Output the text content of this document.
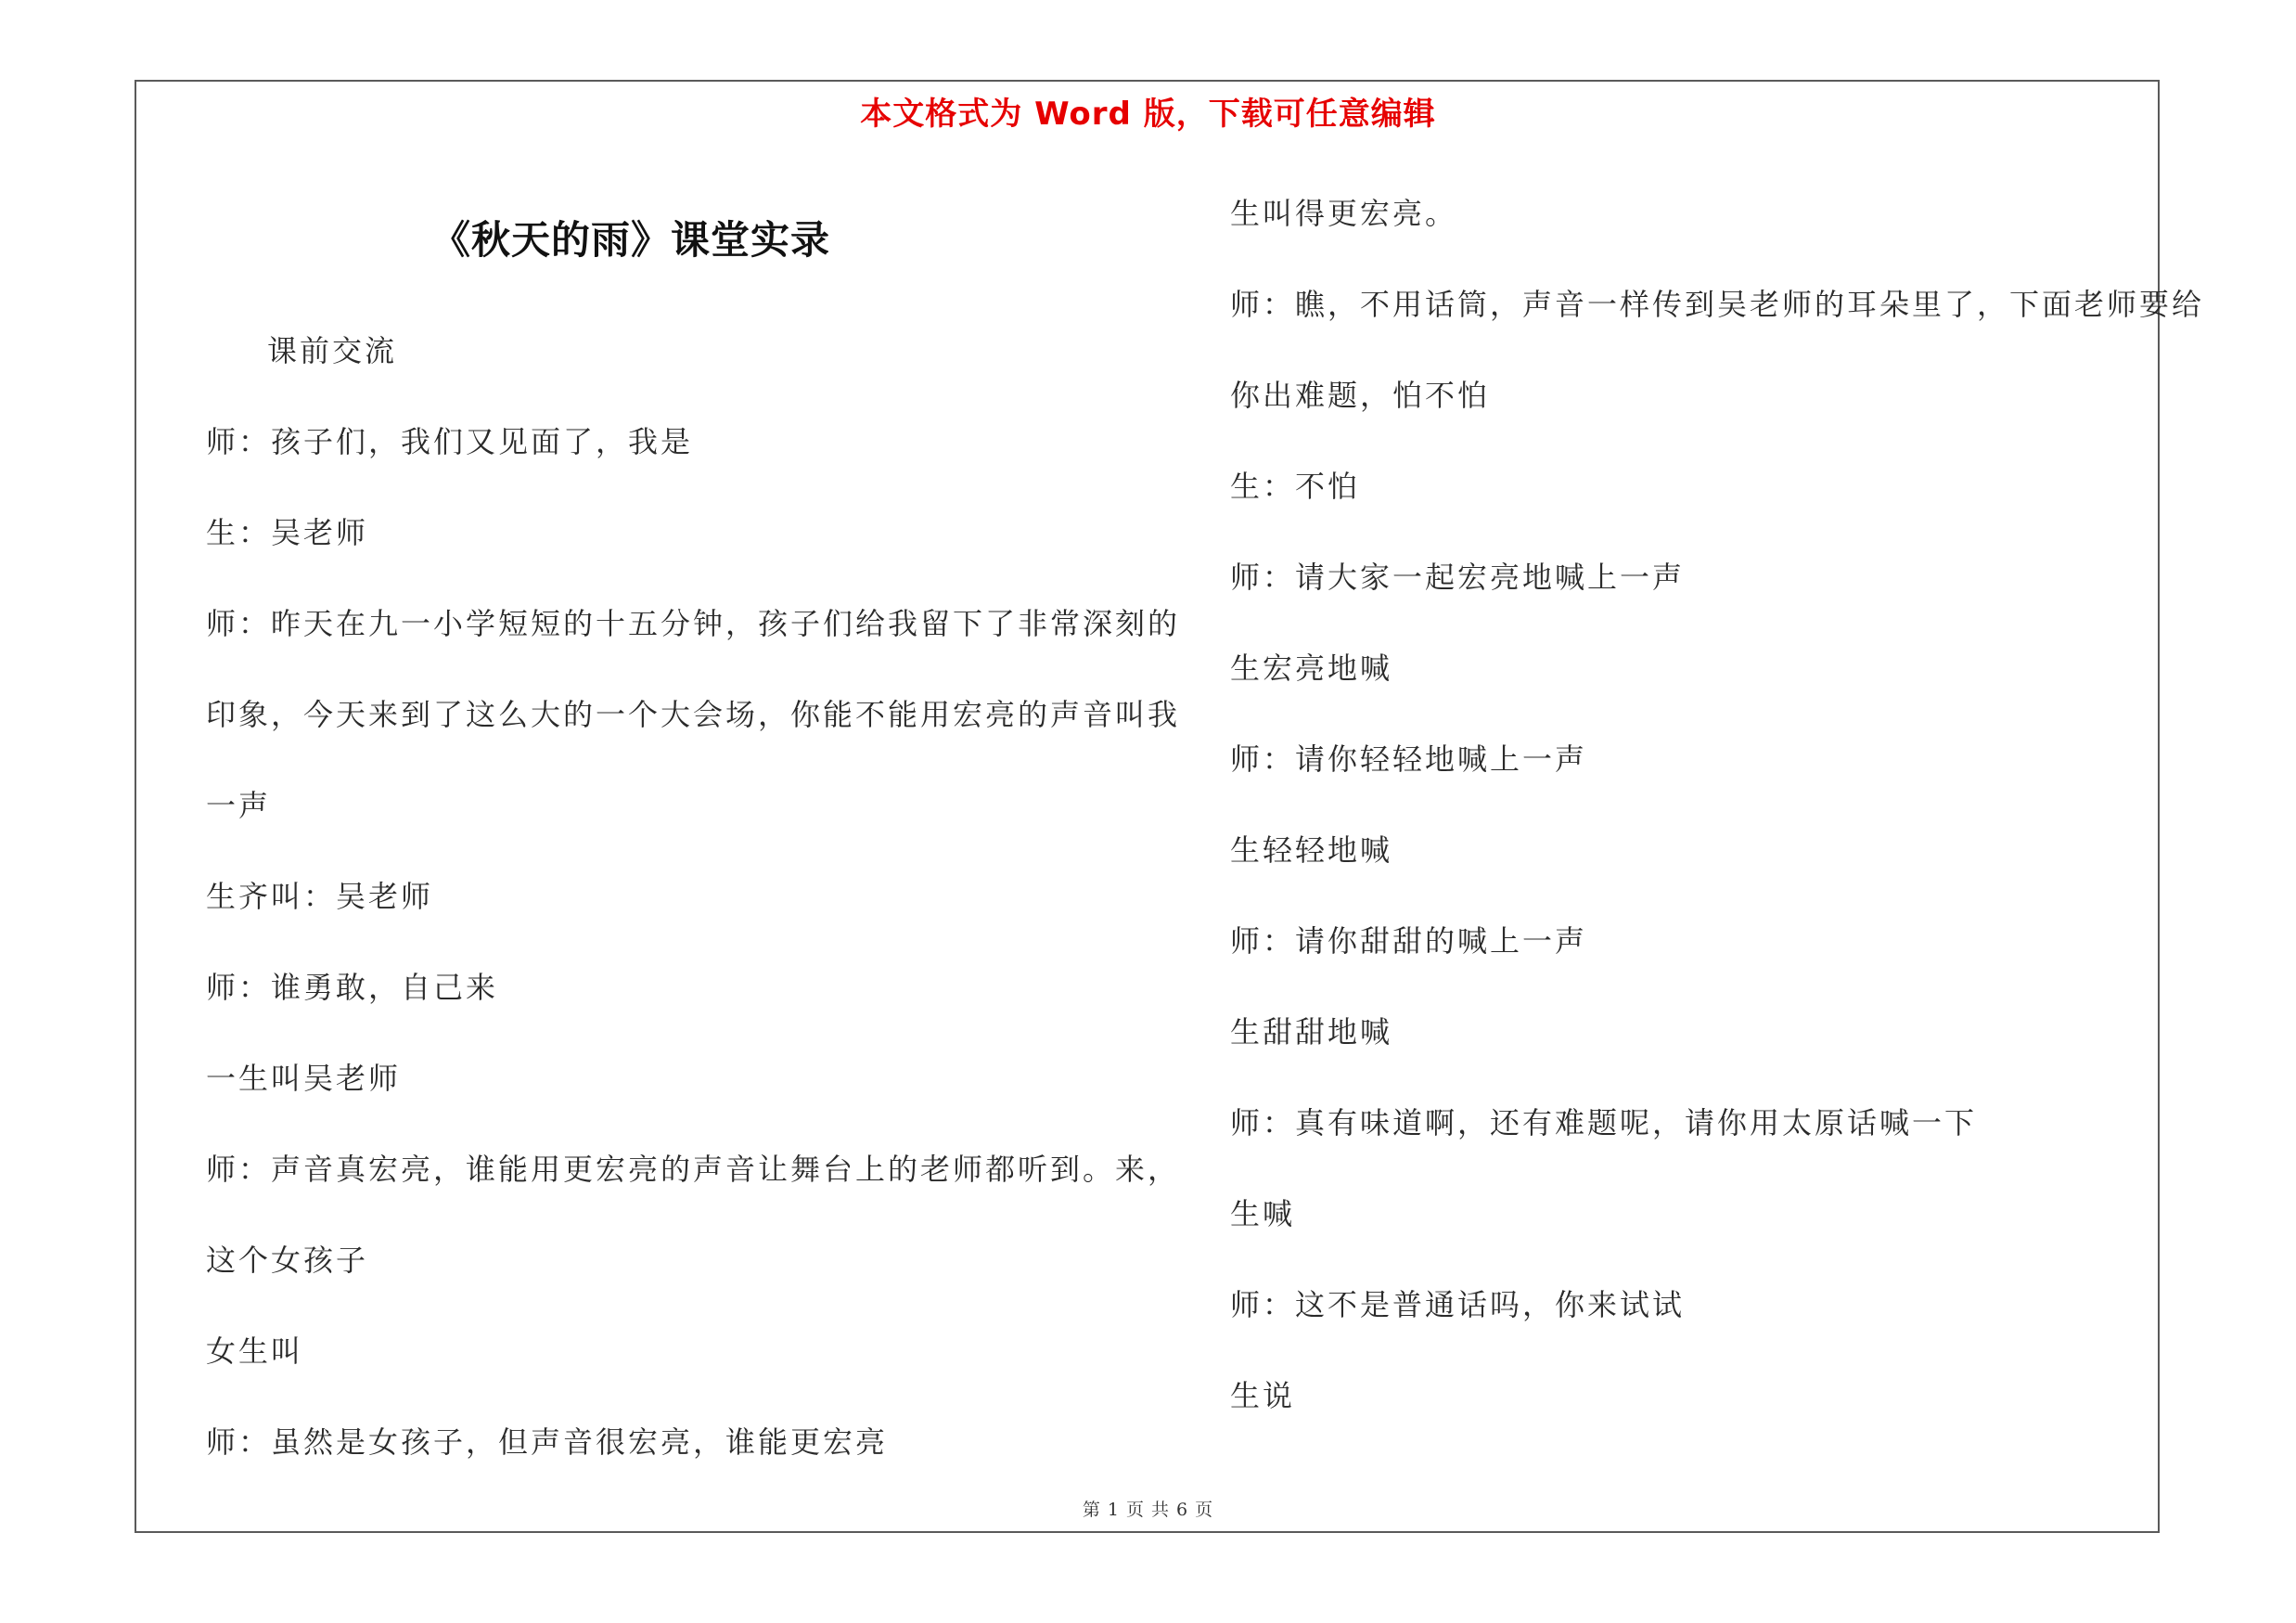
本文格式为 Word 版，下载可任意编辑
《秋天的雨》课堂实录
课前交流
师：孩子们，我们又见面了，我是
生：吴老师
师：昨天在九一小学短短的十五分钟，孩子们给我留下了非常深刻的
印象，今天来到了这么大的一个大会场，你能不能用宏亮的声音叫我
一声
生齐叫：吴老师
师：谁勇敢，自己来
一生叫吴老师
师：声音真宏亮，谁能用更宏亮的声音让舞台上的老师都听到。来，
这个女孩子
女生叫
师：虽然是女孩子，但声音很宏亮，谁能更宏亮
生叫得更宏亮。
师：瞧，不用话筒，声音一样传到吴老师的耳朵里了，下面老师要给
你出难题，怕不怕
生：不怕
师：请大家一起宏亮地喊上一声
生宏亮地喊
师：请你轻轻地喊上一声
生轻轻地喊
师：请你甜甜的喊上一声
生甜甜地喊
师：真有味道啊，还有难题呢，请你用太原话喊一下
生喊
师：这不是普通话吗，你来试试
生说
第 1 页 共 6 页
